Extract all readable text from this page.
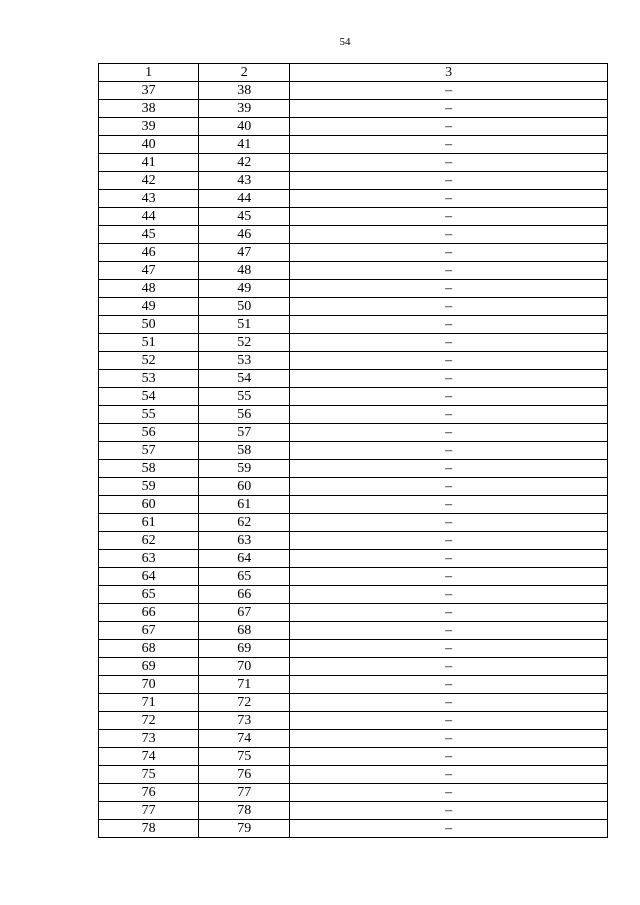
54
1	2	3
37	38	–
38	39	–
39	40	–
40	41	–
41	42	–
42	43	–
43	44	–
44	45	–
45	46	–
46	47	–
47	48	–
48	49	–
49	50	–
50	51	–
51	52	–
52	53	–
53	54	–
54	55	–
55	56	–
56	57	–
57	58	–
58	59	–
59	60	–
60	61	–
61	62	–
62	63	–
63	64	–
64	65	–
65	66	–
66	67	–
67	68	–
68	69	–
69	70	–
70	71	–
71	72	–
72	73	–
73	74	–
74	75	–
75	76	–
76	77	–
77	78	–
78	79	–
